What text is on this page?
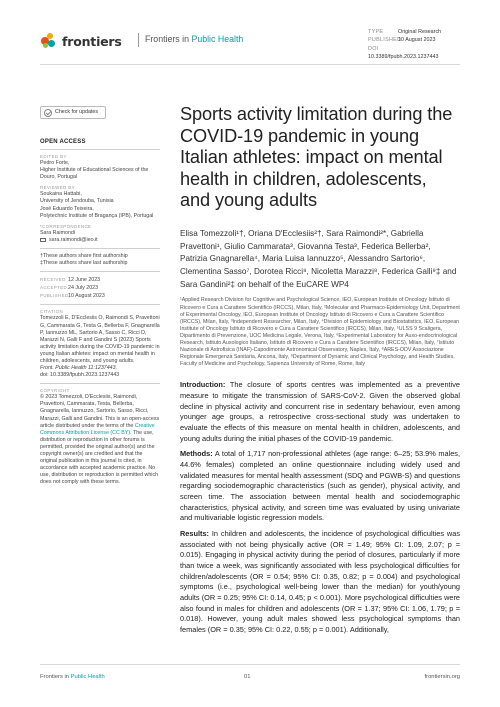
frontiers	Frontiers in Public Health
TYPE	Original Research
PUBLISHED10 August 2023
DOI10.3389/fpubh.2023.1237443
Check for updates
OPEN ACCESS
EDITED BY
Pedro Forte,
Higher Institute of Educational Sciences of the Douro, Portugal
REVIEWED BY
Soukaina Hattabi,
University of Jendouba, Tunisia
José Eduardo Teixeira,
Polytechnic Institute of Bragança (IPB), Portugal
*CORRESPONDENCE
Sara Raimondi
sara.raimondi@ieo.it
†These authors share first authorship
‡These authors share last authorship
RECEIVED 12 June 2023
ACCEPTED24 July 2023
PUBLISHED10 August 2023
CITATION
Tomezzoli E, D'Ecclesiis O, Raimondi S, Pravettoni G, Cammarata G, Testa G, Bellerba F, Gnagnarella P, Iannuzzo ML, Sartorio A, Sasso C, Ricci D, Marazzi N, Galli F and Gandini S (2023) Sports activity limitation during the COVID-19 pandemic in young Italian athletes: impact on mental health in children, adolescents, and young adults.
Front. Public Health 11:1237443.
doi: 10.3389/fpubh.2023.1237443
COPYRIGHT
© 2023 Tomezzoli, D'Ecclesiis, Raimondi, Pravettoni, Cammarata, Testa, Bellerba, Gnagnarella, Iannuzzo, Sartorio, Sasso, Ricci, Marazzi, Galli and Gandini. This is an open-access article distributed under the terms of the Creative Commons Attribution License (CC BY). The use, distribution or reproduction in other forums is permitted, provided the original author(s) and the copyright owner(s) are credited and that the original publication in this journal is cited, in accordance with accepted academic practice. No use, distribution or reproduction is permitted which does not comply with these terms.
Sports activity limitation during the COVID-19 pandemic in young Italian athletes: impact on mental health in children, adolescents, and young adults
Elisa Tomezzoli¹†, Oriana D'Ecclesiis²†, Sara Raimondi²*, Gabriella Pravettoni¹, Giulio Cammarata³, Giovanna Testa³, Federica Bellerba², Patrizia Gnagnarella⁴, Maria Luisa Iannuzzo⁵, Alessandro Sartorio⁶, Clementina Sasso⁷, Dorotea Ricci⁸, Nicoletta Marazzi⁸, Federica Galli⁹‡ and Sara Gandini²‡ on behalf of the EuCARE WP4
¹Applied Research Division for Cognitive and Psychological Science, IEO, European Institute of Oncology Istituto di Ricovero e Cura a Carattere Scientifico (IRCCS), Milan, Italy, ²Molecular and Pharmaco-Epidemiology Unit, Department of Experimental Oncology, IEO, European Institute of Oncology Istituto di Ricovero e Cura a Carattere Scientifico (IRCCS), Milan, Italy, ³Independent Researcher, Milan, Italy, ⁴Division of Epidemiology and Biostatistics, IEO, European Institute of Oncology Istituto di Ricovero e Cura a Carattere Scientifico (IRCCS), Milan, Italy, ⁵ULSS 9 Scaligera, Dipartimento di Prevenzione, UOC Medicina Legale, Verona, Italy, ⁶Experimental Laboratory for Auxo-endocrinological Research, Istituto Auxologico Italiano, Istituto di Ricovero e Cura a Carattere Scientifico (IRCCS), Milan, Italy, ⁷Istituto Nazionale di Astrofisica (INAF)-Capodimonte Astronomical Observatory, Naples, Italy, ⁸ARES-ODV Associazione Regionale Emergenza Sanitaria, Ancona, Italy, ⁹Department of Dynamic and Clinical Psychology, and Health Studies, Faculty of Medicine and Psychology, Sapienza University of Rome, Rome, Italy

Introduction: The closure of sports centres was implemented as a preventive measure to mitigate the transmission of SARS-CoV-2. Given the observed global decline in physical activity and concurrent rise in sedentary behaviour, even among younger age groups, a retrospective cross-sectional study was undertaken to evaluate the effects of this measure on mental health in children, adolescents, and young adults during the initial phases of the COVID-19 pandemic.

Methods: A total of 1,717 non-professional athletes (age range: 6–25; 53.9% males, 44.6% females) completed an online questionnaire including widely used and validated measures for mental health assessment (SDQ and PGWB-S) and questions regarding sociodemographic characteristics (such as gender), physical activity, and screen time. The association between mental health and sociodemographic characteristics, physical activity, and screen time was evaluated by using univariate and multivariable logistic regression models.

Results: In children and adolescents, the incidence of psychological difficulties was associated with not being physically active (OR = 1.49; 95% CI: 1.09, 2.07; p = 0.015). Engaging in physical activity during the period of closures, particularly if more than twice a week, was significantly associated with less psychological difficulties for children/adolescents (OR = 0.54; 95% CI: 0.35, 0.82; p = 0.004) and psychological symptoms (i.e., psychological well-being lower than the median) for youth/young adults (OR = 0.25; 95% CI: 0.14, 0.45; p < 0.001). More psychological difficulties were also found in males for children and adolescents (OR = 1.37; 95% CI: 1.06, 1.79; p = 0.018). However, young adult males showed less psychological symptoms than females (OR = 0.35; 95% CI: 0.22, 0.55; p = 0.001). Additionally,

Frontiers in Public Health	01	frontiersin.org
